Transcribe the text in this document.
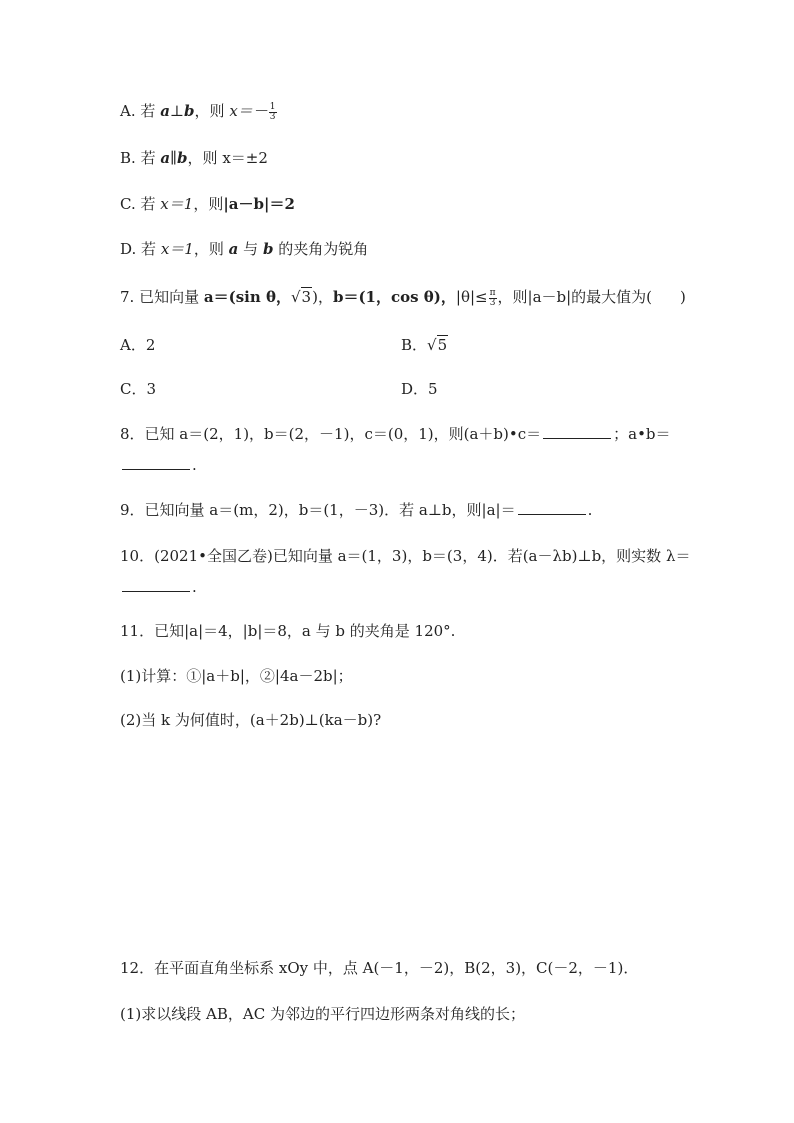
A. 若 a⊥b，则 $x=- \frac{1}{3}$
B. 若 a∥b，则 x＝±2
C. 若 x＝1，则|a－b|＝2
D. 若 x＝1，则 a 与 b 的夹角为锐角
7. 已知向量 a＝(sin θ，√3)，b＝(1，cos θ)，$|\theta|\le \frac{\pi}{3}$ ，则|a－b|的最大值为( )
A．2	B．√5
C．3	D．5
8．已知 a＝(2，1)，b＝(2，－1)，c＝(0，1)，则(a＋b)•c＝	；a•b＝
.
9．已知向量 a＝(m，2)，b＝(1，－3)．若 a⊥b，则|a|＝	.
10．(2021•全国乙卷)已知向量 a＝(1，3)，b＝(3，4)．若(a－λb)⊥b，则实数 λ＝
.
11．已知|a|＝4，|b|＝8，a 与 b 的夹角是 120°.
(1)计算：①|a＋b|，②|4a－2b|；
(2)当 k 为何值时，(a＋2b)⊥(ka－b)?
12．在平面直角坐标系 xOy 中，点 A(－1，－2)，B(2，3)，C(－2，－1)．
(1)求以线段 AB，AC 为邻边的平行四边形两条对角线的长；
